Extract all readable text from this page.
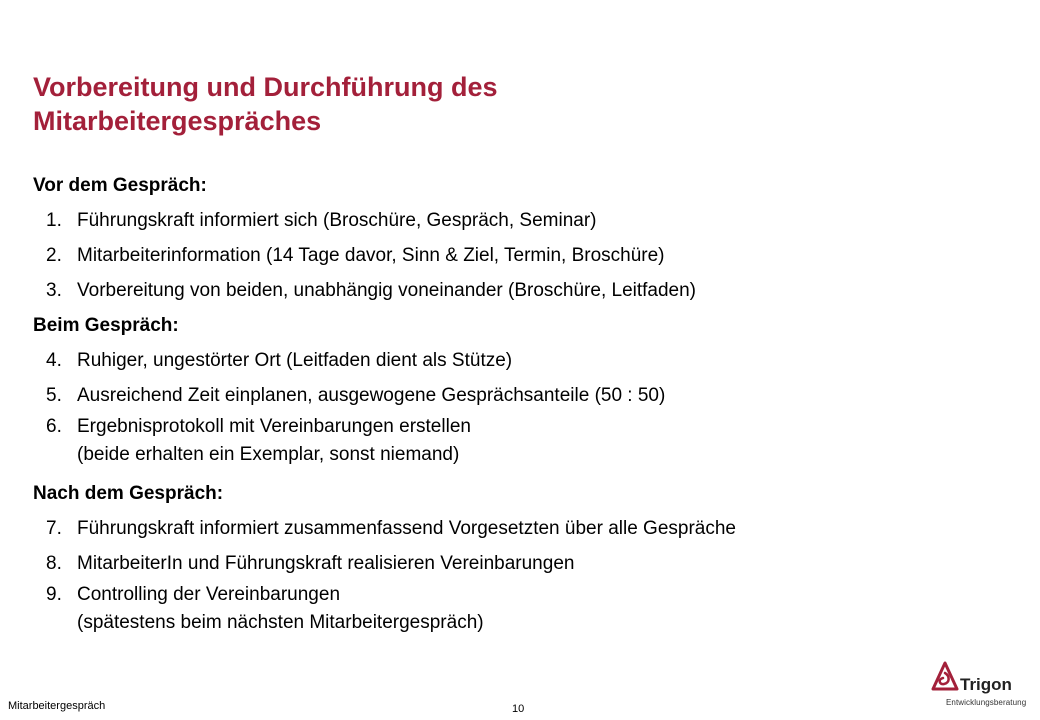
Vorbereitung und Durchführung des
Mitarbeitergespräches
Vor dem Gespräch:
1. Führungskraft informiert sich (Broschüre, Gespräch, Seminar)
2. Mitarbeiterinformation (14 Tage davor, Sinn & Ziel, Termin, Broschüre)
3. Vorbereitung von beiden, unabhängig voneinander (Broschüre, Leitfaden)
Beim Gespräch:
4. Ruhiger, ungestörter Ort (Leitfaden dient als Stütze)
5. Ausreichend Zeit einplanen, ausgewogene Gesprächsanteile (50 : 50)
6. Ergebnisprotokoll mit Vereinbarungen erstellen
(beide erhalten ein Exemplar, sonst niemand)
Nach dem Gespräch:
7. Führungskraft informiert zusammenfassend Vorgesetzten über alle Gespräche
8. MitarbeiterIn und Führungskraft realisieren Vereinbarungen
9. Controlling der Vereinbarungen
(spätestens beim nächsten Mitarbeitergespräch)
Mitarbeitergespräch	10
Trigon
Entwicklungsberatung
